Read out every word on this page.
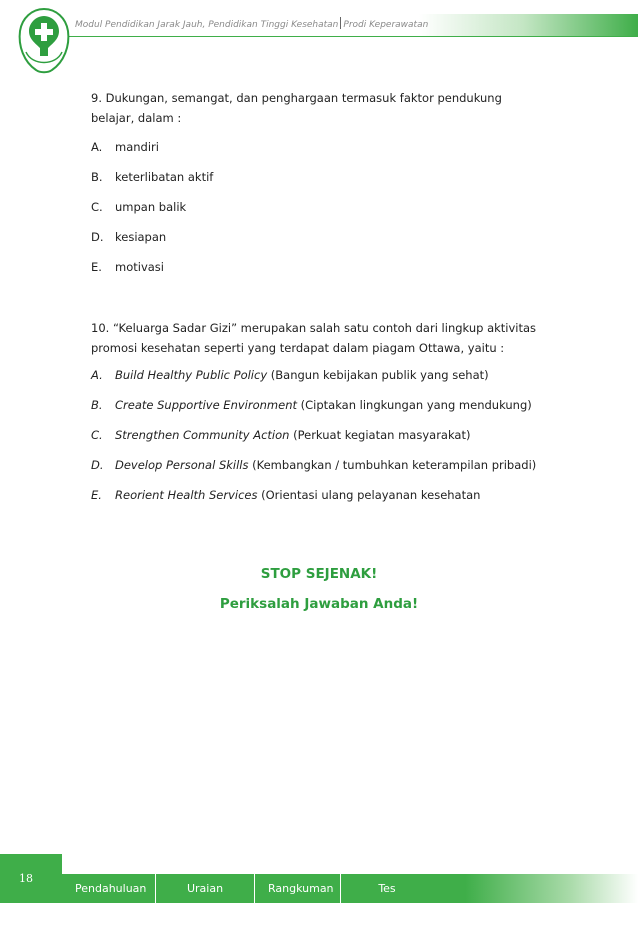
Modul Pendidikan Jarak Jauh, Pendidikan Tinggi Kesehatan Prodi Keperawatan
9. Dukungan, semangat, dan penghargaan termasuk faktor pendukung
belajar, dalam :
A. mandiri
B. keterlibatan aktif
C. umpan balik
D. kesiapan
E. motivasi
10. “Keluarga Sadar Gizi” merupakan salah satu contoh dari lingkup aktivitas
promosi kesehatan seperti yang terdapat dalam piagam Ottawa, yaitu :
A. Build Healthy Public Policy (Bangun kebijakan publik yang sehat)
B. Create Supportive Environment (Ciptakan lingkungan yang mendukung)
C. Strengthen Community Action (Perkuat kegiatan masyarakat)
D. Develop Personal Skills (Kembangkan / tumbuhkan keterampilan pribadi)
E. Reorient Health Services (Orientasi ulang pelayanan kesehatan
STOP SEJENAK!
Periksalah Jawaban Anda!
18
Pendahuluan	Uraian Materi
Rangkuman	Tes Formatif
